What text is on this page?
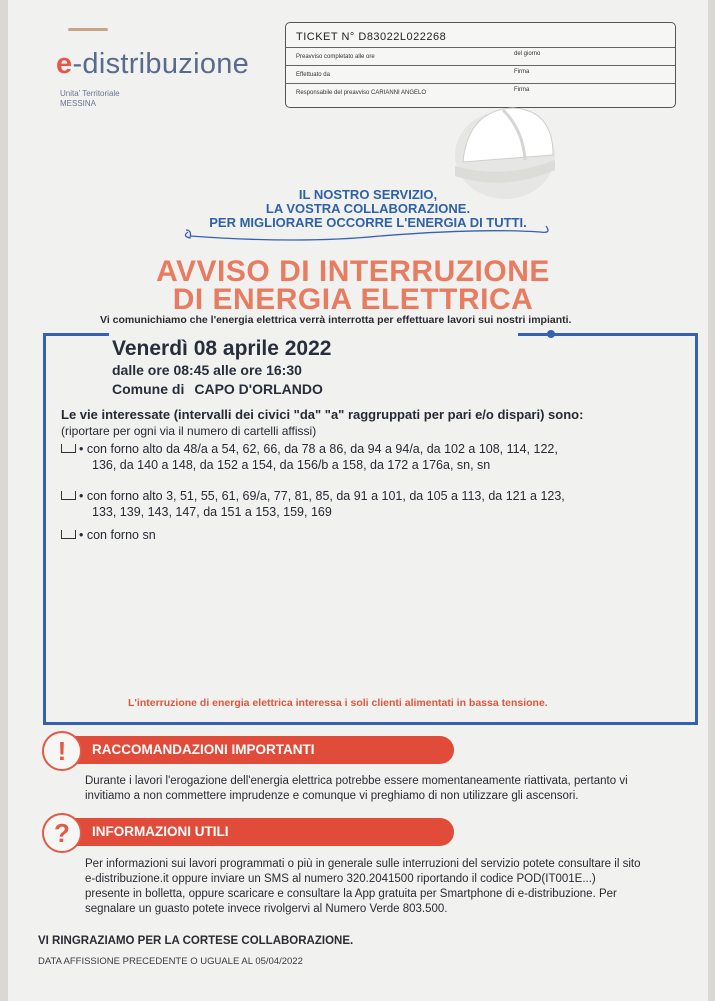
e-distribuzione
Unita' Territoriale
MESSINA
TICKET N° D83022L022268
Preavviso completato alle ore	del giorno
Effettuato da	Firma
Responsabile del preavviso CARIANNI ANGELO	Firma
IL NOSTRO SERVIZIO,
LA VOSTRA COLLABORAZIONE.
PER MIGLIORARE OCCORRE L'ENERGIA DI TUTTI.
AVVISO DI INTERRUZIONE
DI ENERGIA ELETTRICA
Vi comunichiamo che l'energia elettrica verrà interrotta per effettuare lavori sui nostri impianti.
Venerdì 08 aprile 2022
dalle ore 08:45 alle ore 16:30
Comune di CAPO D'ORLANDO
Le vie interessate (intervalli dei civici "da" "a" raggruppati per pari e/o dispari) sono:
(riportare per ogni via il numero di cartelli affissi)
• con forno alto da 48/a a 54, 62, 66, da 78 a 86, da 94 a 94/a, da 102 a 108, 114, 122,
136, da 140 a 148, da 152 a 154, da 156/b a 158, da 172 a 176a, sn, sn
• con forno alto 3, 51, 55, 61, 69/a, 77, 81, 85, da 91 a 101, da 105 a 113, da 121 a 123,
133, 139, 143, 147, da 151 a 153, 159, 169
• con forno sn
L'interruzione di energia elettrica interessa i soli clienti alimentati in bassa tensione.
RACCOMANDAZIONI IMPORTANTI
!
Durante i lavori l'erogazione dell'energia elettrica potrebbe essere momentaneamente riattivata, pertanto vi
invitiamo a non commettere imprudenze e comunque vi preghiamo di non utilizzare gli ascensori.
INFORMAZIONI UTILI
?
Per informazioni sui lavori programmati o più in generale sulle interruzioni del servizio potete consultare il sito
e-distribuzione.it oppure inviare un SMS al numero 320.2041500 riportando il codice POD(IT001E...)
presente in bolletta, oppure scaricare e consultare la App gratuita per Smartphone di e-distribuzione. Per
segnalare un guasto potete invece rivolgervi al Numero Verde 803.500.
VI RINGRAZIAMO PER LA CORTESE COLLABORAZIONE.
DATA AFFISSIONE PRECEDENTE O UGUALE AL 05/04/2022
